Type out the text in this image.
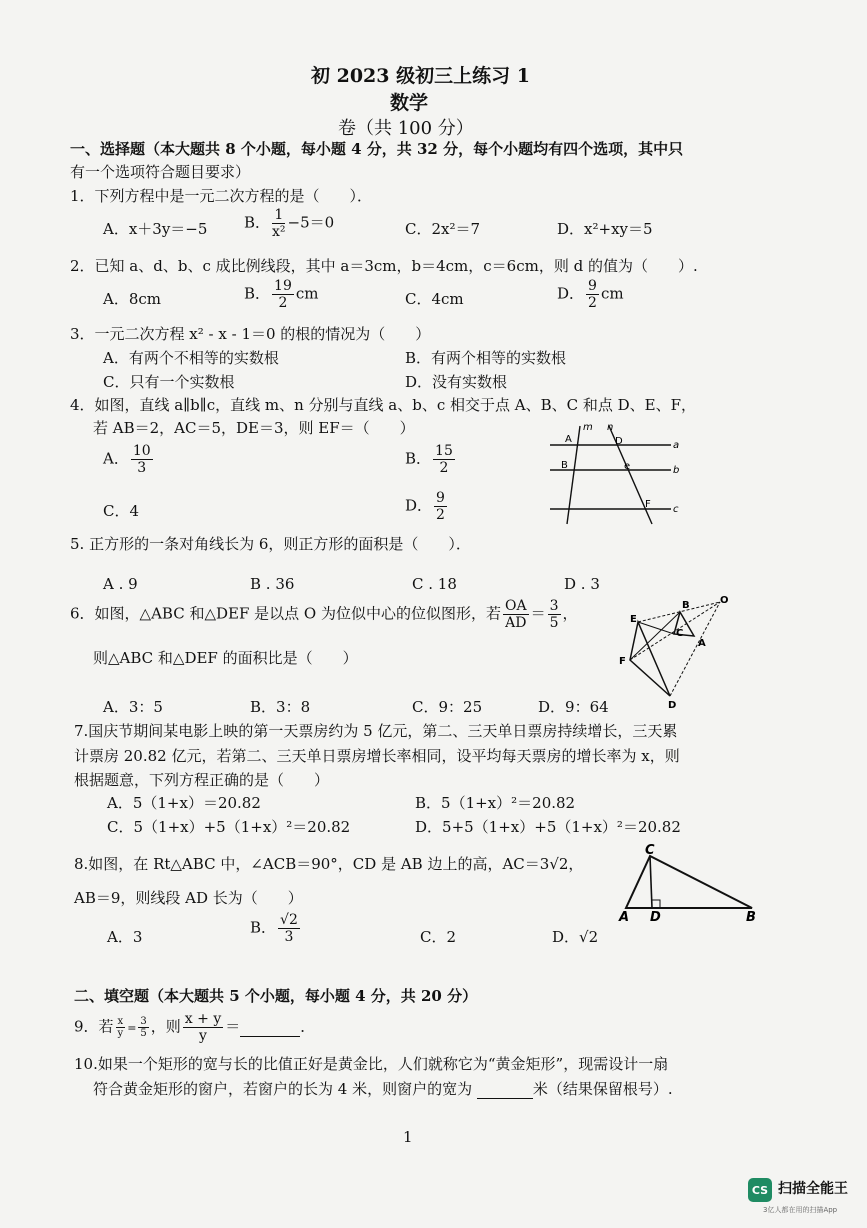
初 2023 级初三上练习 1
数学
卷（共 100 分）
一、选择题（本大题共 8 个小题，每小题 4 分，共 32 分，每个小题均有四个选项，其中只
有一个选项符合题目要求）
1．下列方程中是一元二次方程的是（　　）．
A．x＋3y＝−5 B． $\frac{1}{\text{x²}} -5=0$	C．2x²＝7	D．x²+xy＝5
2．已知 a、d、b、c 成比例线段，其中 a＝3cm，b＝4cm，c＝6cm，则 d 的值为（　　）.
A．8cm	B． $\frac{19}{2}$ cm	C．4cm	D． $\frac{9}{2}$ cm
3．一元二次方程 x² - x - 1＝0 的根的情况为（　　）
A．有两个不相等的实数根	B．有两个相等的实数根
C．只有一个实数根	D．没有实数根
4．如图，直线 a∥b∥c，直线 m、n 分别与直线 a、b、c 相交于点 A、B、C 和点 D、E、F，
若 AB＝2，AC＝5，DE＝3，则 EF＝（　　）
A． $\frac{10}{3}$	B． $\frac{15}{2}$
C．4	D． $\frac{9}{2}$
m n
A
B
D
e
F
a
b
c
5. 正方形的一条对角线长为 6，则正方形的面积是（　　）．
A . 9	B . 36	C . 18	D . 3
6．如图，△ABC 和△DEF 是以点 O 为位似中心的位似图形，若 $\frac{OA}{AD} = \frac{3}{5}$ ，
则△ABC 和△DEF 的面积比是（　　）
A．3：5	B．3：8	C．9：25	D．9：64
O
B
E
C
A
F
D
7.国庆节期间某电影上映的第一天票房约为 5 亿元，第二、三天单日票房持续增长，三天累
计票房 20.82 亿元，若第二、三天单日票房增长率相同，设平均每天票房的增长率为 x，则
根据题意，下列方程正确的是（　　）
A．5（1+x）＝20.82	B．5（1+x）²＝20.82
C．5（1+x）+5（1+x）²＝20.82	D．5+5（1+x）+5（1+x）²＝20.82
8.如图，在 Rt△ABC 中，∠ACB＝90°，CD 是 AB 边上的高，AC＝3√2，
AB＝9，则线段 AD 长为（　　）
A．3
B． $\frac{√2}{3}$	C．2	D．√2
C
A D	B
二、填空题（本大题共 5 个小题，每小题 4 分，共 20 分）
9．若 $\frac{x}{y} = \frac{3}{5}$ ，则 $\frac{x + y}{y}$ ＝	．
10.如果一个矩形的宽与长的比值正好是黄金比，人们就称它为“黄金矩形”，现需设计一扇
符合黄金矩形的窗户，若窗户的长为 4 米，则窗户的宽为	米（结果保留根号）.
1
CS 扫描全能王
3亿人都在用的扫描App
